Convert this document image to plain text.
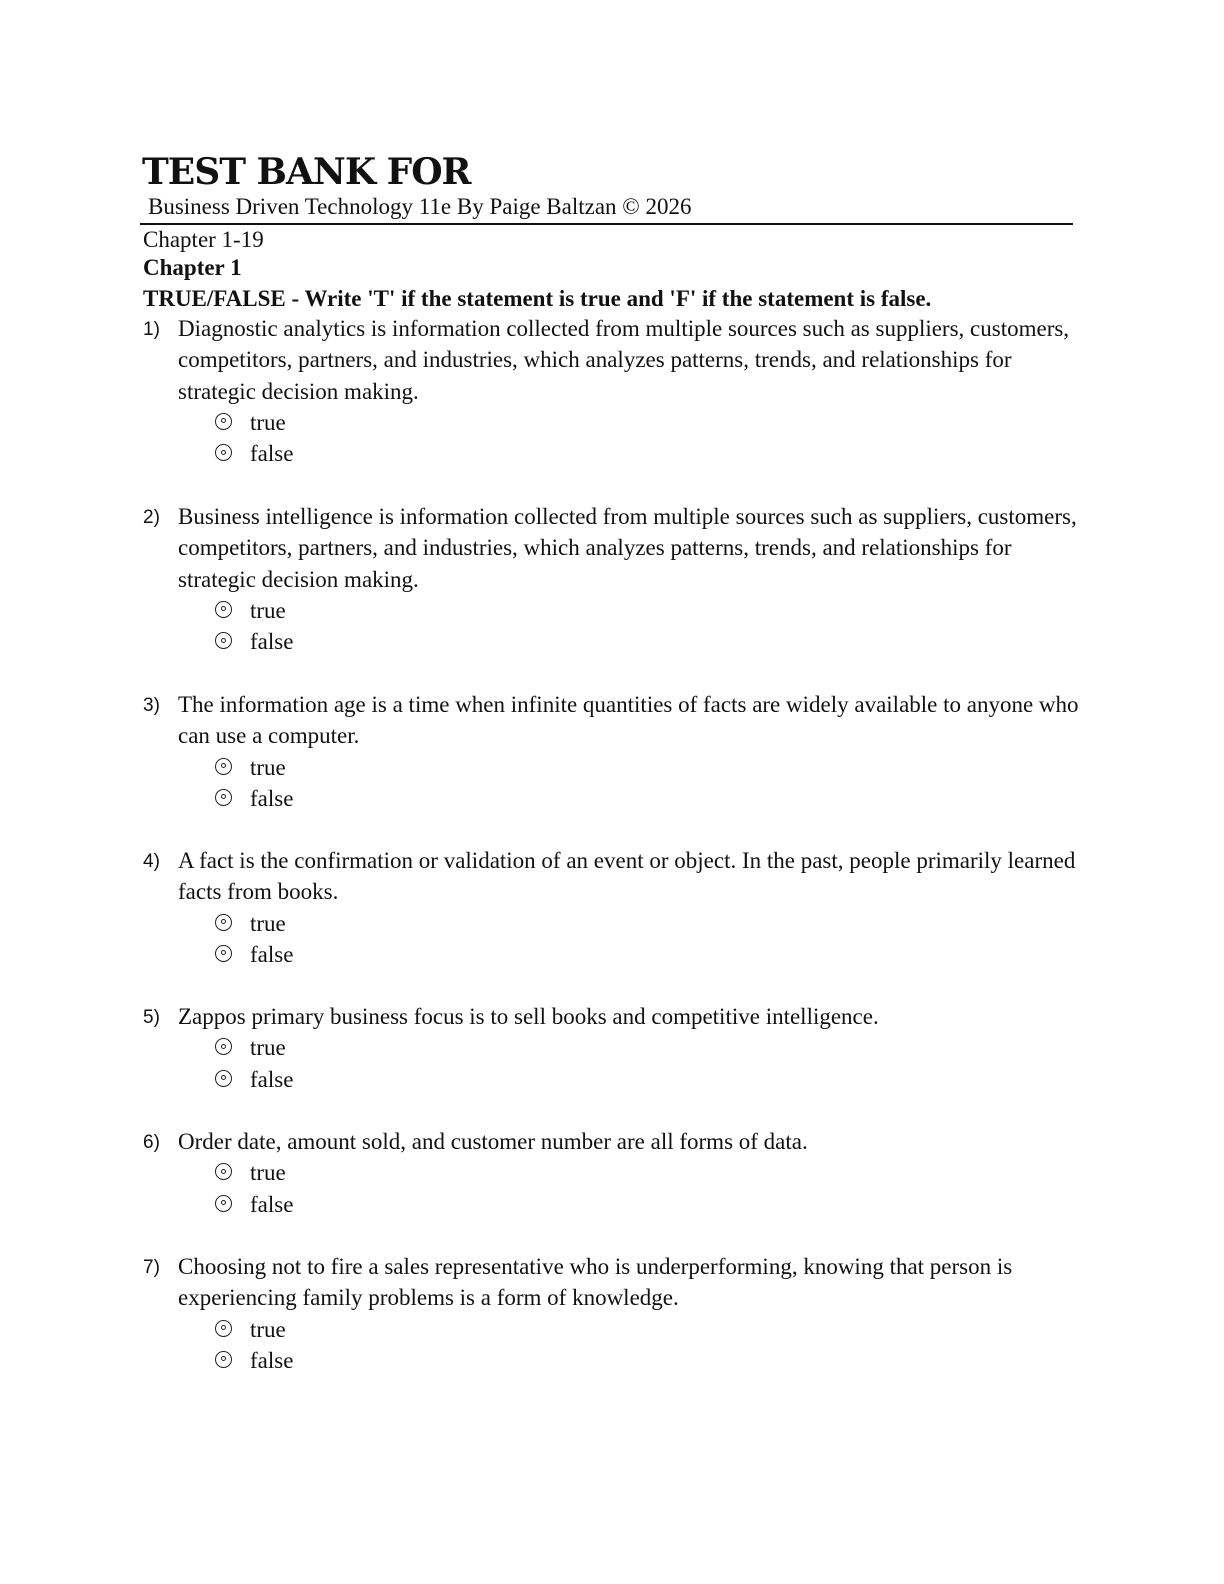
TEST BANK FOR
Business Driven Technology 11e By Paige Baltzan © 2026
Chapter 1-19
Chapter 1
TRUE/FALSE - Write 'T' if the statement is true and 'F' if the statement is false.
1) Diagnostic analytics is information collected from multiple sources such as suppliers, customers, competitors, partners, and industries, which analyzes patterns, trends, and relationships for strategic decision making.
true
false
2) Business intelligence is information collected from multiple sources such as suppliers, customers, competitors, partners, and industries, which analyzes patterns, trends, and relationships for strategic decision making.
true
false
3) The information age is a time when infinite quantities of facts are widely available to anyone who can use a computer.
true
false
4) A fact is the confirmation or validation of an event or object. In the past, people primarily learned facts from books.
true
false
5) Zappos primary business focus is to sell books and competitive intelligence.
true
false
6) Order date, amount sold, and customer number are all forms of data.
true
false
7) Choosing not to fire a sales representative who is underperforming, knowing that person is experiencing family problems is a form of knowledge.
true
false
